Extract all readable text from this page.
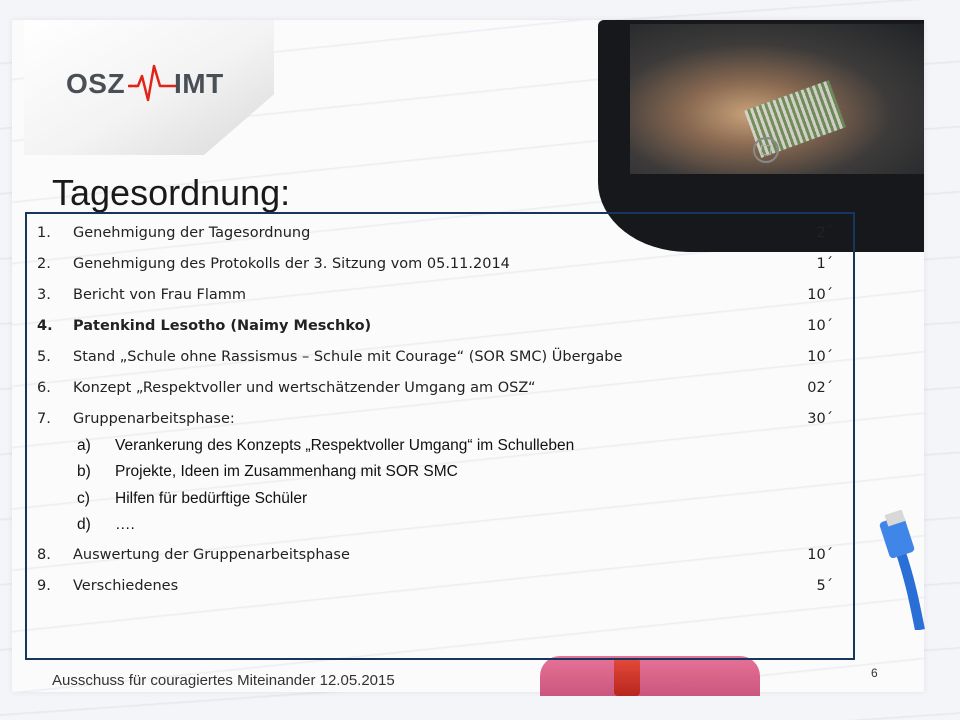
OSZ IMT
Tagesordnung:
1. Genehmigung der Tagesordnung	2´
2. Genehmigung des Protokolls der 3. Sitzung vom 05.11.2014	1´
3. Bericht von Frau Flamm	10´
4. Patenkind Lesotho (Naimy Meschko)	10´
5. Stand „Schule ohne Rassismus – Schule mit Courage“ (SOR SMC) Übergabe	10´
6. Konzept „Respektvoller und wertschätzender Umgang am OSZ“	02´
7. Gruppenarbeitsphase:	30´
a) Verankerung des Konzepts „Respektvoller Umgang“ im Schulleben
b) Projekte, Ideen im Zusammenhang mit SOR SMC
c) Hilfen für bedürftige Schüler
d) ….
8. Auswertung der Gruppenarbeitsphase	10´
9. Verschiedenes	5´
Ausschuss für couragiertes Miteinander 12.05.2015	6
